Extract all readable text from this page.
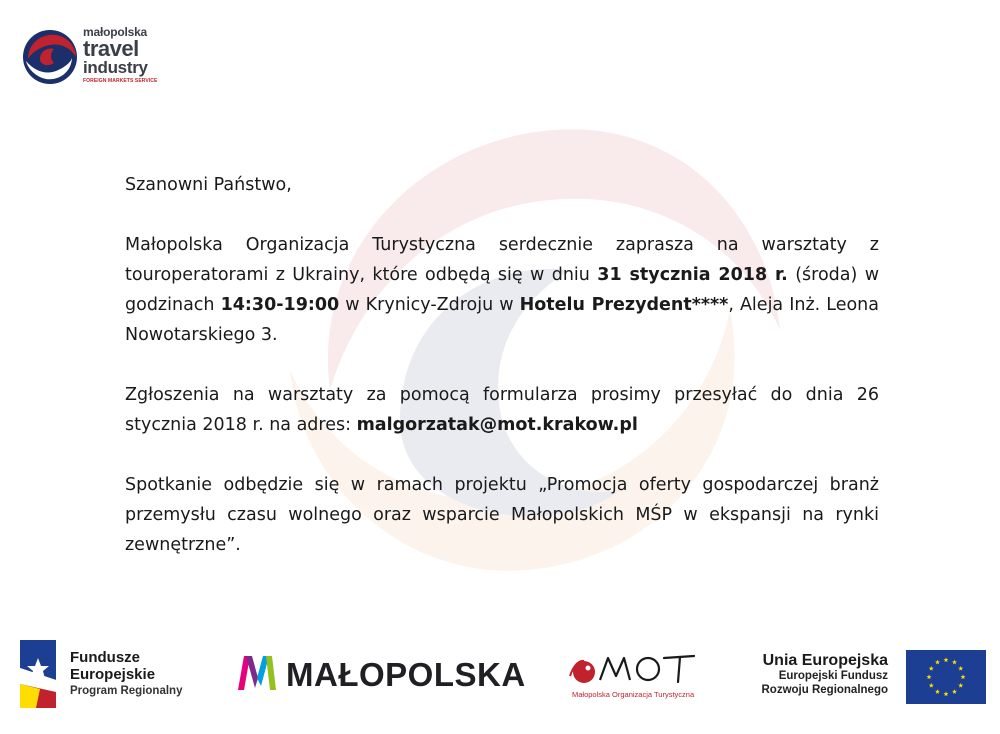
małopolska
travel
industry
FOREIGN MARKETS SERVICE

Szanowni Państwo,

Małopolska Organizacja Turystyczna serdecznie zaprasza na warsztaty z touroperatorami z Ukrainy, które odbędą się w dniu 31 stycznia 2018 r. (środa) w godzinach 14:30-19:00 w Krynicy-Zdroju w Hotelu Prezydent****, Aleja Inż. Leona Nowotarskiego 3.

Zgłoszenia na warsztaty za pomocą formularza prosimy przesyłać do dnia 26 stycznia 2018 r. na adres: malgorzatak@mot.krakow.pl

Spotkanie odbędzie się w ramach projektu „Promocja oferty gospodarczej branż przemysłu czasu wolnego oraz wsparcie Małopolskich MŚP w ekspansji na rynki zewnętrzne”.

Fundusze
Europejskie
Program Regionalny	MAŁOPOLSKA
Małopolska Organizacja Turystyczna
Unia Europejska
Europejski Fundusz
Rozwoju Regionalnego
